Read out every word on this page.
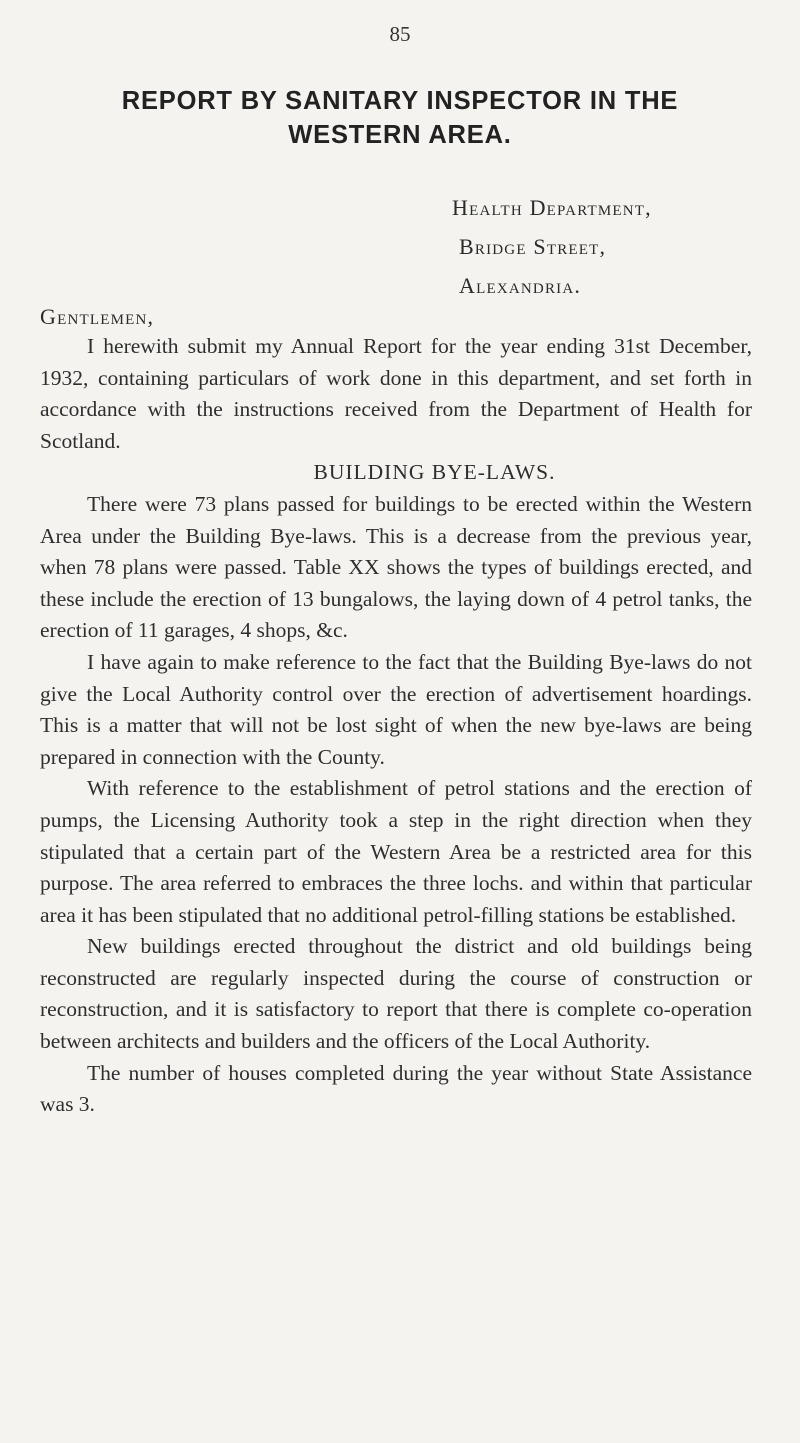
85
REPORT BY SANITARY INSPECTOR IN THE
WESTERN AREA.
Health Department,
Bridge Street,
Alexandria.
Gentlemen,

I herewith submit my Annual Report for the year ending 31st December, 1932, containing particulars of work done in this department, and set forth in accordance with the instructions received from the Department of Health for Scotland.

BUILDING BYE-LAWS.

There were 73 plans passed for buildings to be erected within the Western Area under the Building Bye-laws. This is a decrease from the previous year, when 78 plans were passed. Table XX shows the types of buildings erected, and these include the erection of 13 bungalows, the laying down of 4 petrol tanks, the erection of 11 garages, 4 shops, &c.

I have again to make reference to the fact that the Building Bye-laws do not give the Local Authority control over the erection of advertisement hoardings. This is a matter that will not be lost sight of when the new bye-laws are being prepared in connection with the County.

With reference to the establishment of petrol stations and the erection of pumps, the Licensing Authority took a step in the right direction when they stipulated that a certain part of the Western Area be a restricted area for this purpose. The area referred to embraces the three lochs. and within that particular area it has been stipulated that no additional petrol-filling stations be established.

New buildings erected throughout the district and old buildings being reconstructed are regularly inspected during the course of construction or reconstruction, and it is satisfactory to report that there is complete co-operation between architects and builders and the officers of the Local Authority.

The number of houses completed during the year without State Assistance was 3.
